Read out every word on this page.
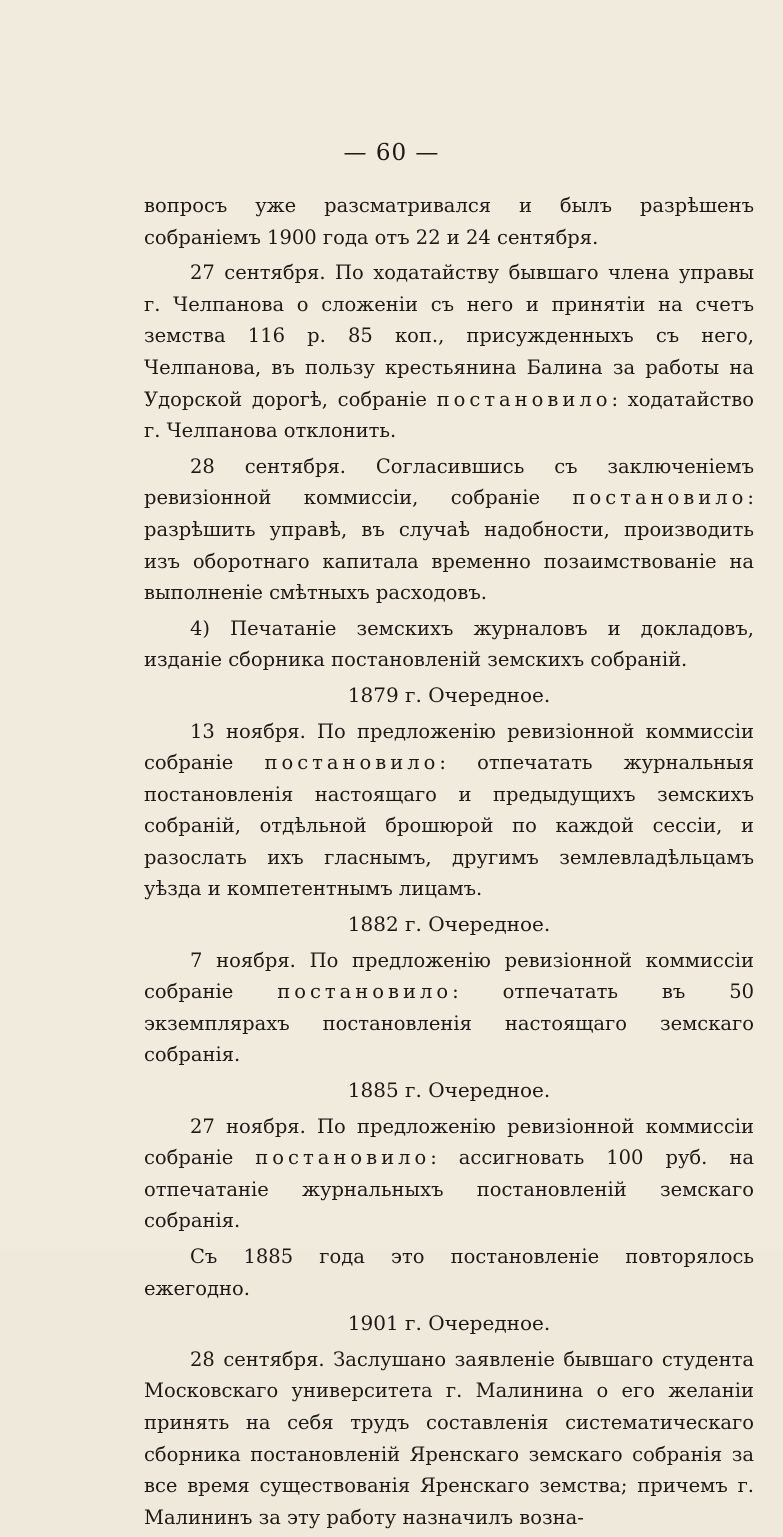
— 60 —

вопросъ уже разсматривался и былъ разрѣшенъ собраніемъ 1900 года отъ 22 и 24 сентября.

27 сентября. По ходатайству бывшаго члена управы г. Челпанова о сложеніи съ него и принятіи на счетъ земства 116 р. 85 коп., присужденныхъ съ него, Челпанова, въ пользу крестьянина Балина за работы на Удорской дорогѣ, собраніе постановило: ходатайство г. Челпанова отклонить.

28 сентября. Согласившись съ заключеніемъ ревизіонной коммиссіи, собраніе постановило: разрѣшить управѣ, въ случаѣ надобности, производить изъ оборотнаго капитала временно позаимствованіе на выполненіе смѣтныхъ расходовъ.

4) Печатаніе земскихъ журналовъ и докладовъ, изданіе сборника постановленій земскихъ собраній.

1879 г. Очередное.

13 ноября. По предложенію ревизіонной коммиссіи собраніе постановило: отпечатать журнальныя постановленія настоящаго и предыдущихъ земскихъ собраній, отдѣльной брошюрой по каждой сессіи, и разослать ихъ гласнымъ, другимъ землевладѣльцамъ уѣзда и компетентнымъ лицамъ.

1882 г. Очередное.

7 ноября. По предложенію ревизіонной коммиссіи собраніе постановило: отпечатать въ 50 экземплярахъ постановленія настоящаго земскаго собранія.

1885 г. Очередное.

27 ноября. По предложенію ревизіонной коммиссіи собраніе постановило: ассигновать 100 руб. на отпечатаніе журнальныхъ постановленій земскаго собранія.

Съ 1885 года это постановленіе повторялось ежегодно.

1901 г. Очередное.

28 сентября. Заслушано заявленіе бывшаго студента Московскаго университета г. Малинина о его желаніи принять на себя трудъ составленія систематическаго сборника постановленій Яренскаго земскаго собранія за все время существованія Яренскаго земства; причемъ г. Малининъ за эту работу назначилъ возна-
